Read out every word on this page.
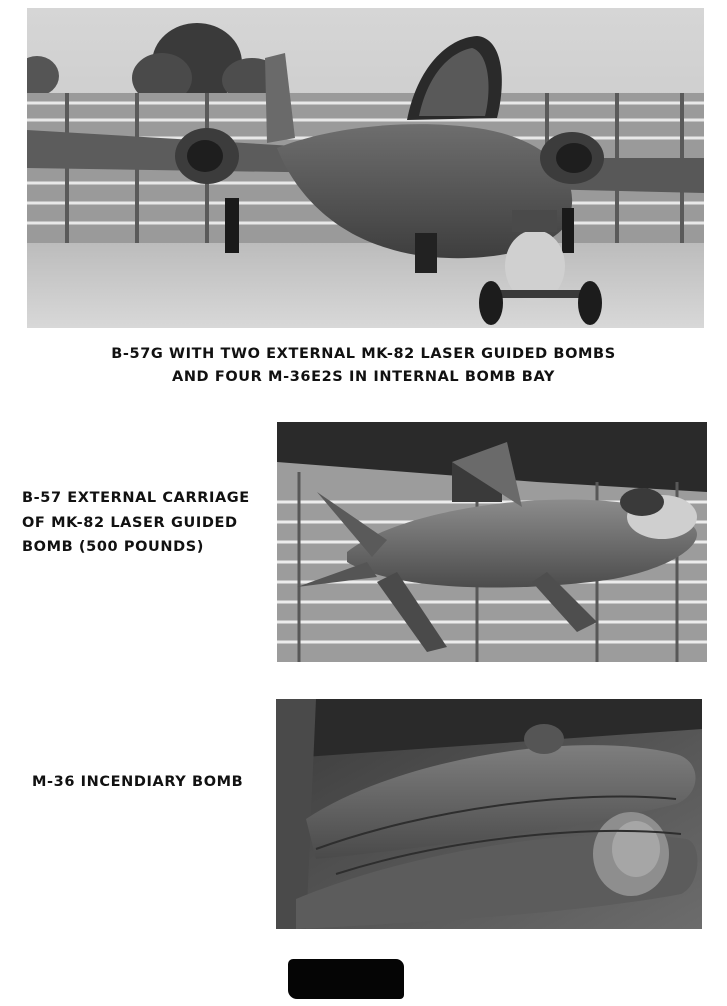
B-57G WITH TWO EXTERNAL MK-82 LASER GUIDED BOMBS
AND FOUR M-36E2S IN INTERNAL BOMB BAY
B-57 EXTERNAL CARRIAGE
OF MK-82 LASER GUIDED
BOMB (500 POUNDS)
M-36 INCENDIARY BOMB
